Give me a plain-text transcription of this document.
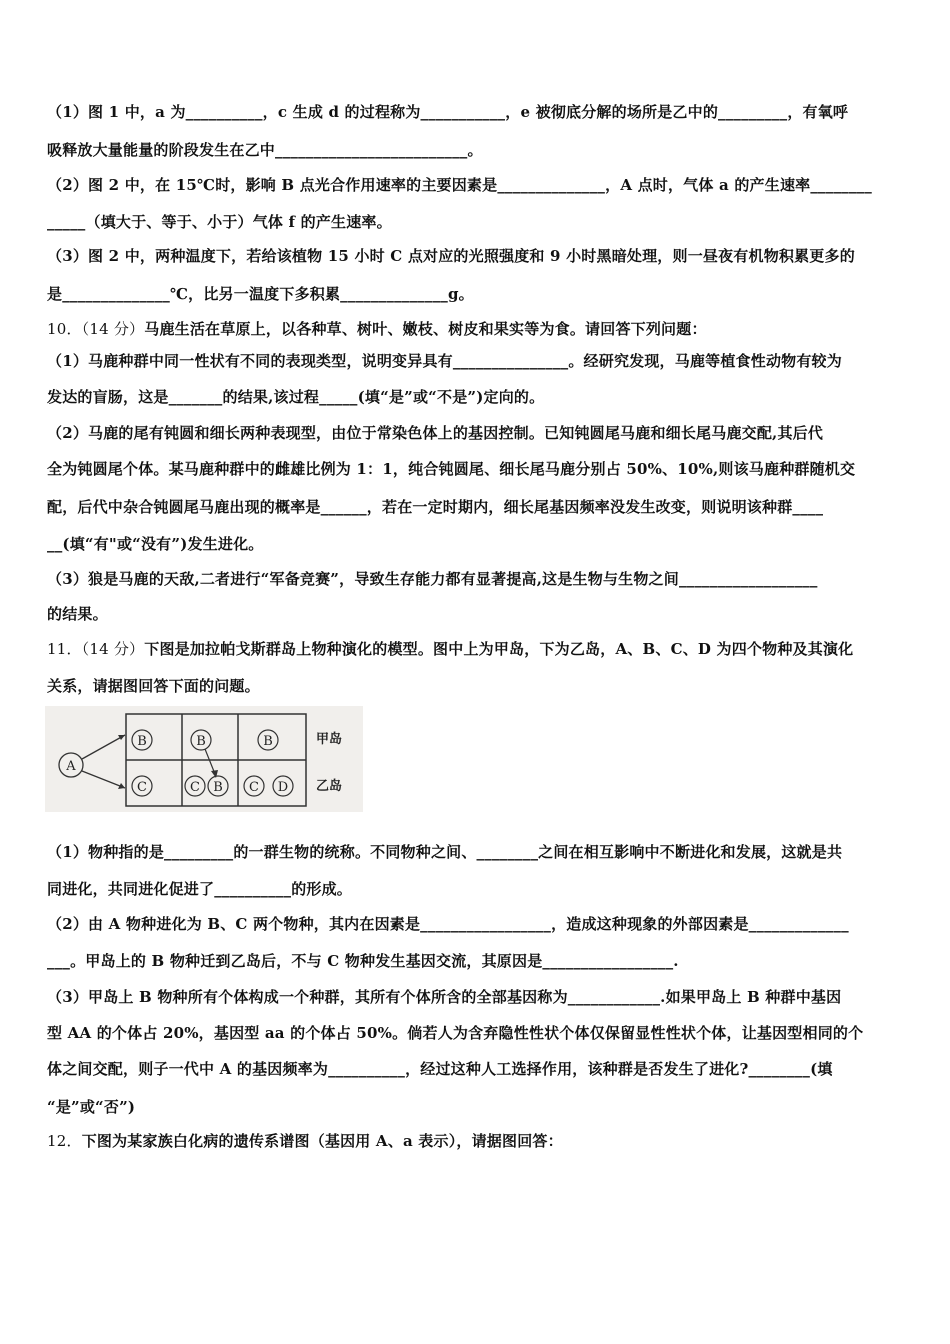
（1）图 1 中，a 为__________，c 生成 d 的过程称为___________，e 被彻底分解的场所是乙中的_________，有氧呼
吸释放大量能量的阶段发生在乙中_________________________。
（2）图 2 中，在 15℃时，影响 B 点光合作用速率的主要因素是______________，A 点时，气体 a 的产生速率________
_____（填大于、等于、小于）气体 f 的产生速率。
（3）图 2 中，两种温度下，若给该植物 15 小时 C 点对应的光照强度和 9 小时黑暗处理，则一昼夜有机物积累更多的
是______________℃，比另一温度下多积累______________g。
10．（14 分）马鹿生活在草原上，以各种草、树叶、嫩枝、树皮和果实等为食。请回答下列问题：
（1）马鹿种群中同一性状有不同的表现类型，说明变异具有_______________。经研究发现，马鹿等植食性动物有较为
发达的盲肠，这是_______的结果,该过程_____(填“是”或“不是”)定向的。
（2）马鹿的尾有钝圆和细长两种表现型，由位于常染色体上的基因控制。已知钝圆尾马鹿和细长尾马鹿交配,其后代
全为钝圆尾个体。某马鹿种群中的雌雄比例为 1：1，纯合钝圆尾、细长尾马鹿分别占 50%、10%,则该马鹿种群随机交
配，后代中杂合钝圆尾马鹿出现的概率是______，若在一定时期内，细长尾基因频率没发生改变，则说明该种群____
__(填“有"或“没有”)发生进化。
（3）狼是马鹿的天敌,二者进行“军备竞赛”，导致生存能力都有显著提高,这是生物与生物之间__________________
的结果。
11．（14 分）下图是加拉帕戈斯群岛上物种演化的模型。图中上为甲岛，下为乙岛，A、B、C、D 为四个物种及其演化
关系，请据图回答下面的问题。
A
B	B	B
C	C B C D
甲岛
乙岛
（1）物种指的是_________的一群生物的统称。不同物种之间、________之间在相互影响中不断进化和发展，这就是共
同进化，共同进化促进了__________的形成。
（2）由 A 物种进化为 B、C 两个物种，其内在因素是_________________，造成这种现象的外部因素是_____________
___。甲岛上的 B 物种迁到乙岛后，不与 C 物种发生基因交流，其原因是_________________.
（3）甲岛上 B 物种所有个体构成一个种群，其所有个体所含的全部基因称为____________.如果甲岛上 B 种群中基因
型 AA 的个体占 20%，基因型 aa 的个体占 50%。倘若人为含弃隐性性状个体仅保留显性性状个体，让基因型相同的个
体之间交配，则子一代中 A 的基因频率为__________，经过这种人工选择作用，该种群是否发生了进化?________(填
“是”或“否”)
12．下图为某家族白化病的遗传系谱图（基因用 A、a 表示），请据图回答：
